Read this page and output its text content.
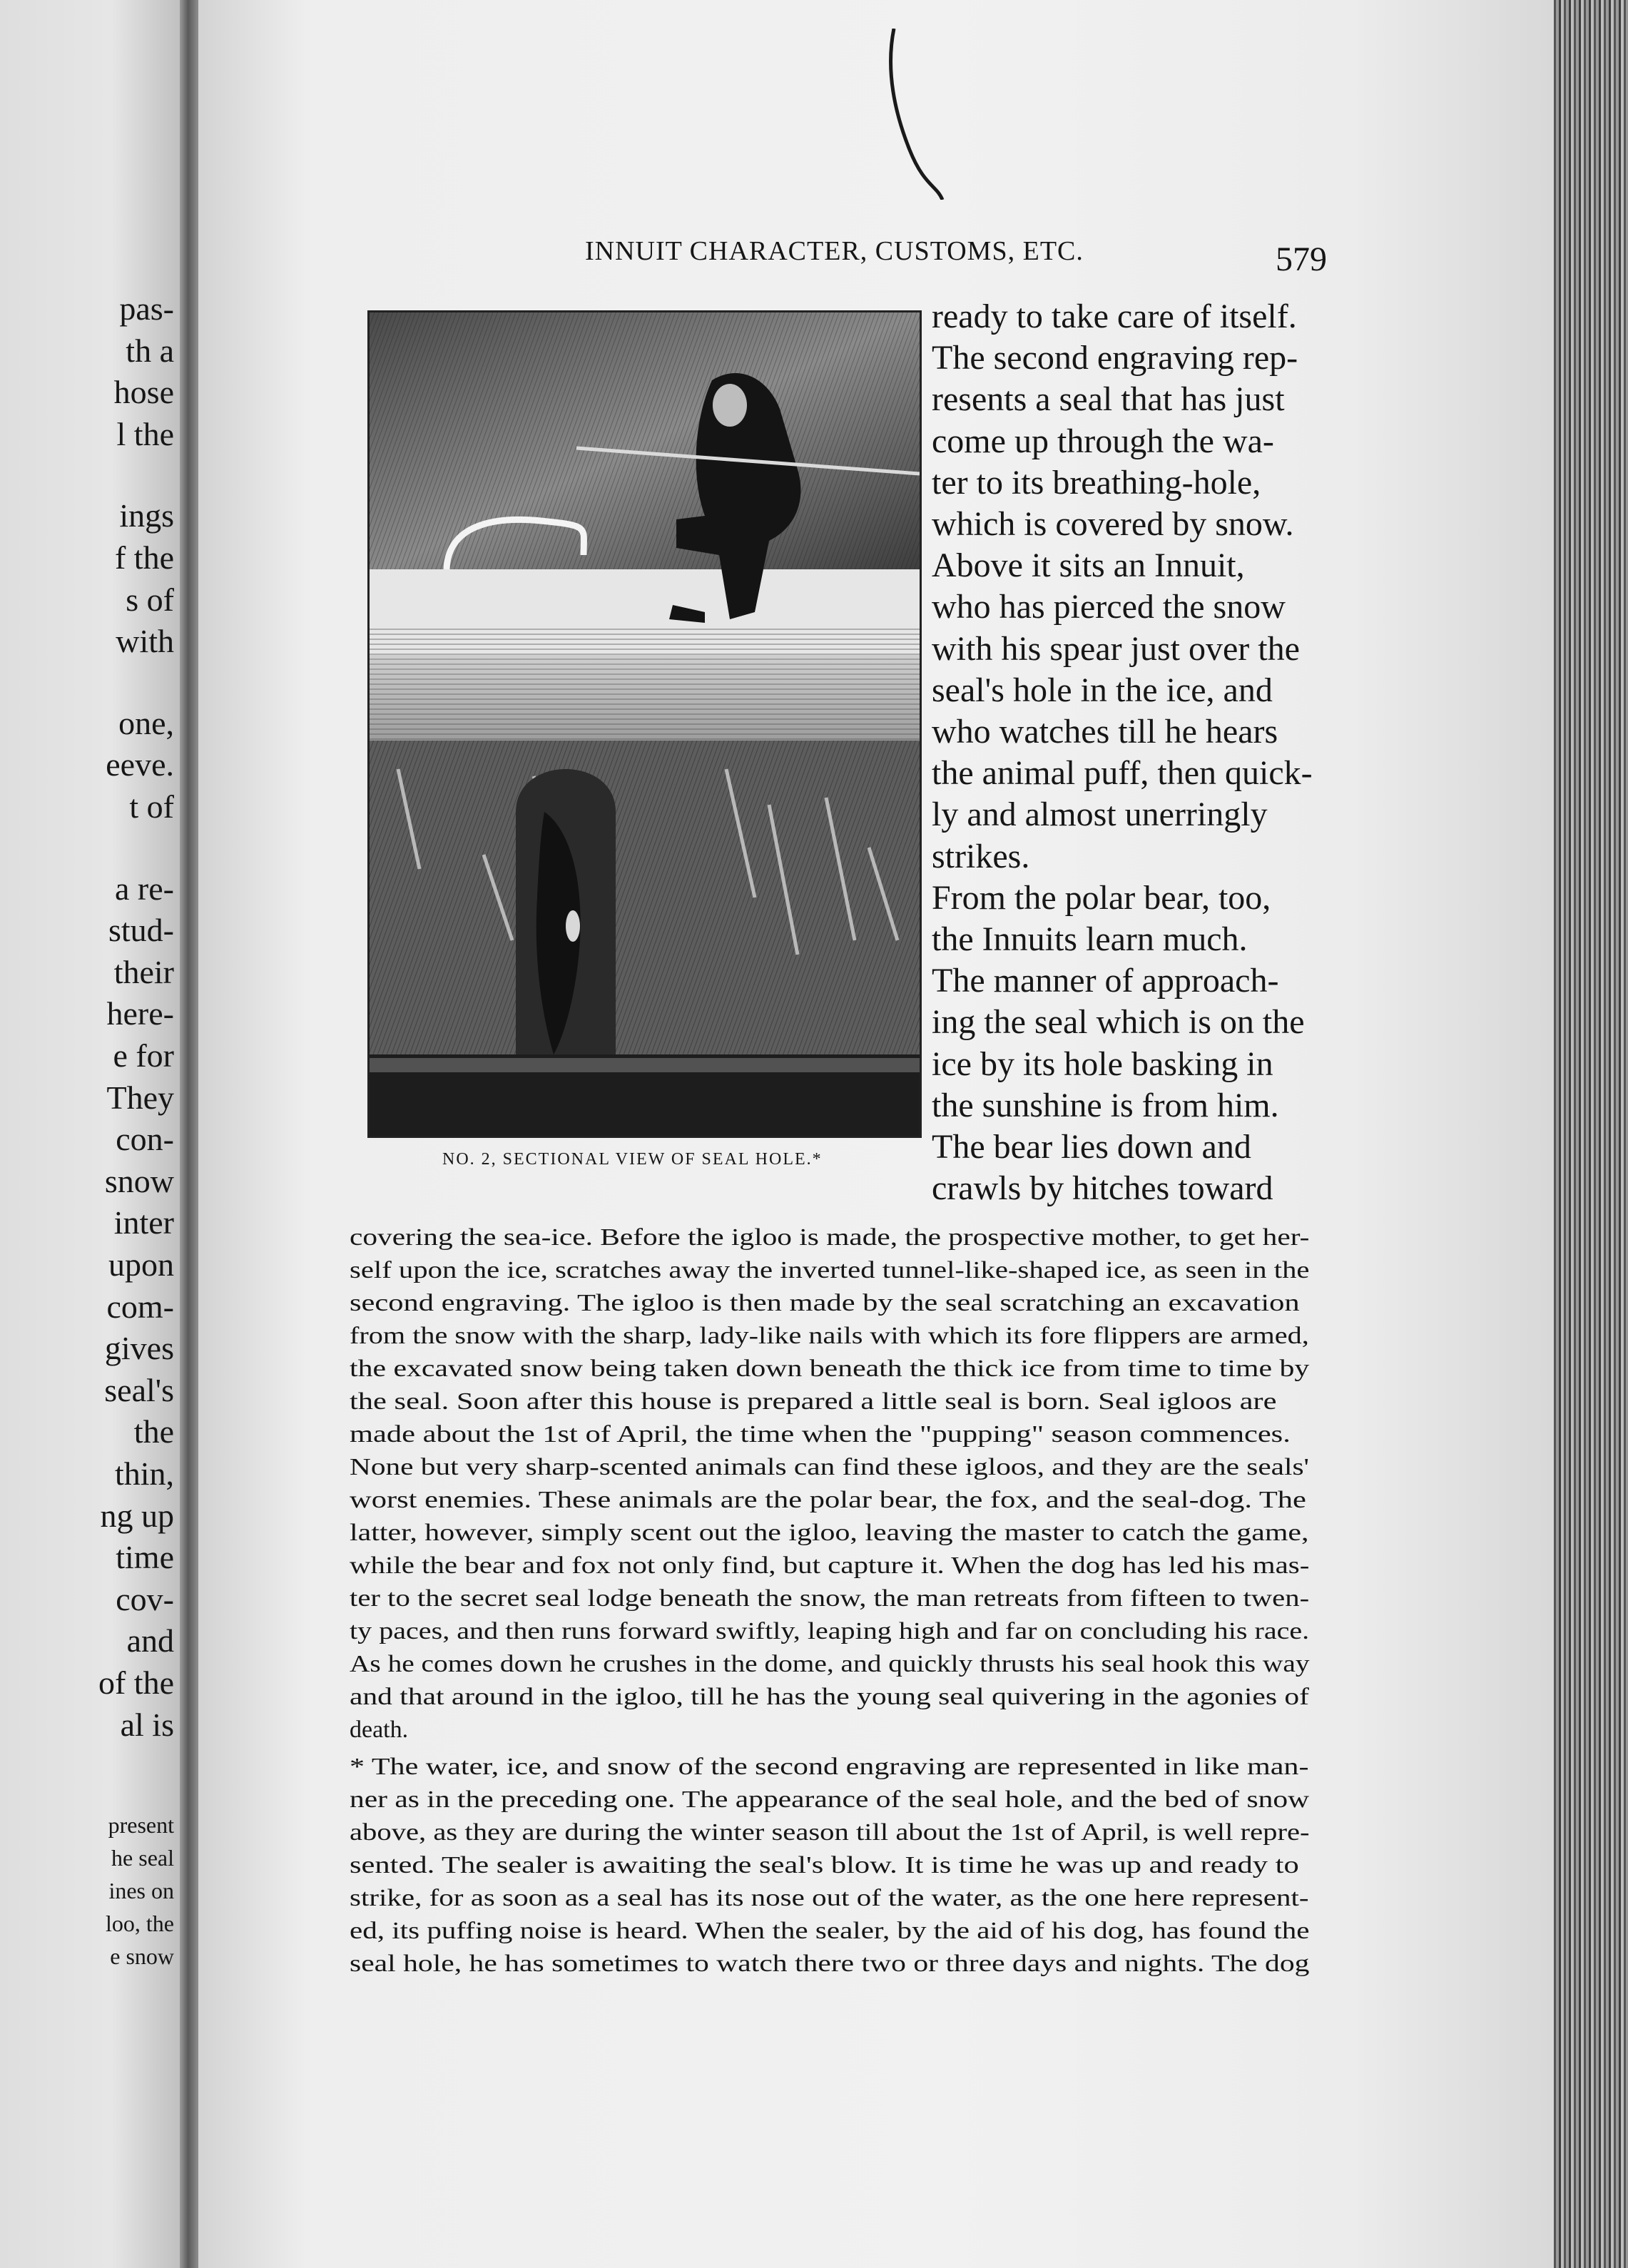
pas-
th a
hose
l the
ings
f the
s of
with
one,
eeve.
t of
a re-
stud-
their
here-
e for
They
con-
snow
inter
upon
com-
gives
seal's
the
thin,
ng up
time
cov-
and
of the
al is
present
he seal
ines on
loo, the
e snow
INNUIT CHARACTER, CUSTOMS, ETC.	579
NO. 2, SECTIONAL VIEW OF SEAL HOLE.*
ready to take care of itself.
The second engraving rep-
resents a seal that has just
come up through the wa-
ter to its breathing-hole,
which is covered by snow.
Above it sits an Innuit,
who has pierced the snow
with his spear just over the
seal's hole in the ice, and
who watches till he hears
the animal puff, then quick-
ly and almost unerringly
strikes.
From the polar bear, too,
the Innuits learn much.
The manner of approach-
ing the seal which is on the
ice by its hole basking in
the sunshine is from him.
The bear lies down and
crawls by hitches toward
covering the sea-ice. Before the igloo is made, the prospective mother, to get her-
self upon the ice, scratches away the inverted tunnel-like-shaped ice, as seen in the
second engraving. The igloo is then made by the seal scratching an excavation
from the snow with the sharp, lady-like nails with which its fore flippers are armed,
the excavated snow being taken down beneath the thick ice from time to time by
the seal. Soon after this house is prepared a little seal is born. Seal igloos are
made about the 1st of April, the time when the "pupping" season commences.
None but very sharp-scented animals can find these igloos, and they are the seals'
worst enemies. These animals are the polar bear, the fox, and the seal-dog. The
latter, however, simply scent out the igloo, leaving the master to catch the game,
while the bear and fox not only find, but capture it. When the dog has led his mas-
ter to the secret seal lodge beneath the snow, the man retreats from fifteen to twen-
ty paces, and then runs forward swiftly, leaping high and far on concluding his race.
As he comes down he crushes in the dome, and quickly thrusts his seal hook this way
and that around in the igloo, till he has the young seal quivering in the agonies of
death.
* The water, ice, and snow of the second engraving are represented in like man-
ner as in the preceding one. The appearance of the seal hole, and the bed of snow
above, as they are during the winter season till about the 1st of April, is well repre-
sented. The sealer is awaiting the seal's blow. It is time he was up and ready to
strike, for as soon as a seal has its nose out of the water, as the one here represent-
ed, its puffing noise is heard. When the sealer, by the aid of his dog, has found the
seal hole, he has sometimes to watch there two or three days and nights. The dog
